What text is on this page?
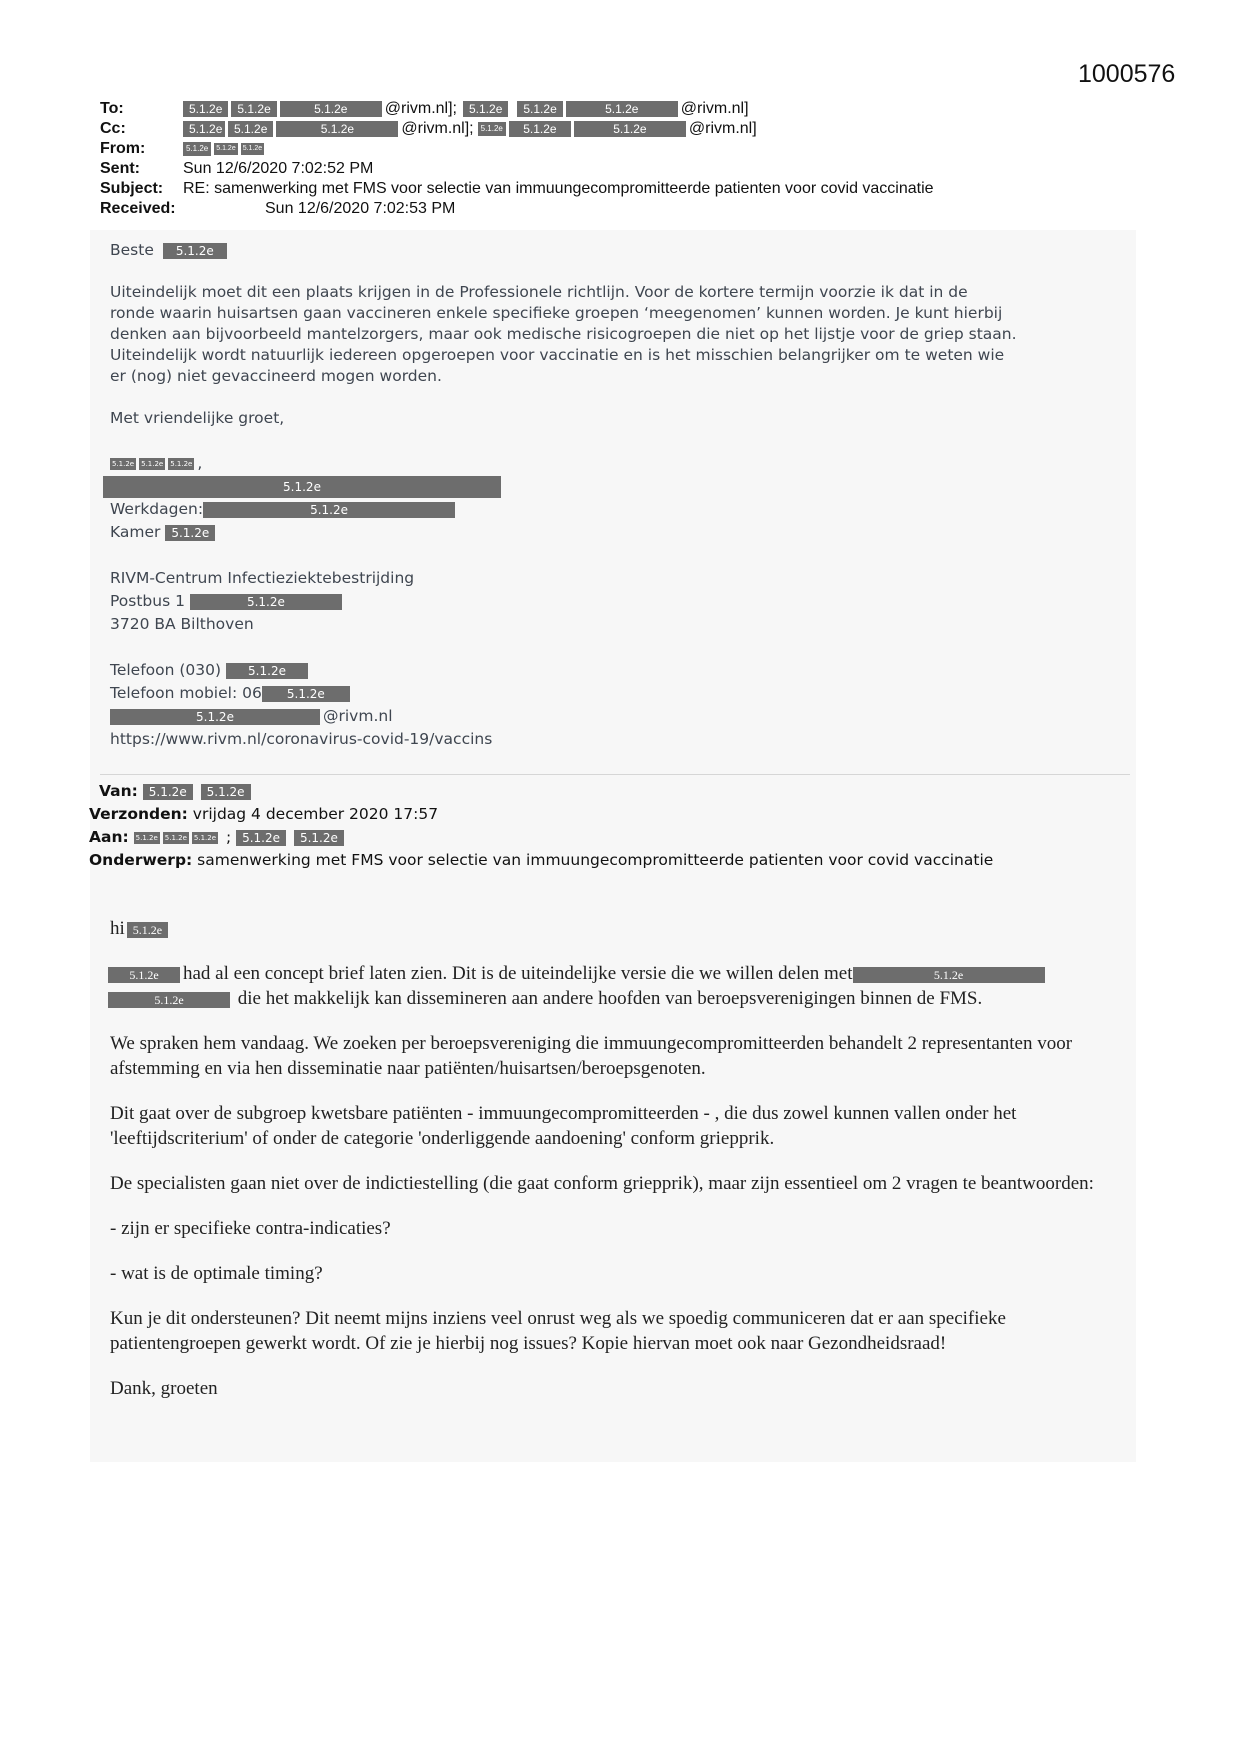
1000576
To:	5.1.2e	5.1.2e	5.1.2e	@rivm.nl];	5.1.2e	5.1.2e	5.1.2e	@rivm.nl]
Cc:	5.1.2e 5.1.2e	5.1.2e	@rivm.nl]; 5.1.2e	5.1.2e	5.1.2e	@rivm.nl]
From:	5.1.2e	5.1.2e 5.1.2e
Sent:	Sun 12/6/2020 7:02:52 PM
Subject:	RE: samenwerking met FMS voor selectie van immuungecompromitteerde patienten voor covid vaccinatie
Received:	Sun 12/6/2020 7:02:53 PM

Beste 5.1.2e

Uiteindelijk moet dit een plaats krijgen in de Professionele richtlijn. Voor de kortere termijn voorzie ik dat in de

ronde waarin huisartsen gaan vaccineren enkele specifieke groepen ‘meegenomen’ kunnen worden. Je kunt hierbij

denken aan bijvoorbeeld mantelzorgers, maar ook medische risicogroepen die niet op het lijstje voor de griep staan.

Uiteindelijk wordt natuurlijk iedereen opgeroepen voor vaccinatie en is het misschien belangrijker om te weten wie

er (nog) niet gevaccineerd mogen worden.

Met vriendelijke groet,

5.1.2e 5.1.2e 5.1.2e ,
5.1.2e
Werkdagen:	5.1.2e
Kamer 5.1.2e
RIVM-Centrum Infectieziektebestrijding
Postbus 1	5.1.2e
3720 BA Bilthoven
Telefoon (030) 5.1.2e
Telefoon mobiel: 06 5.1.2e
5.1.2e	@rivm.nl
https://www.rivm.nl/coronavirus-covid-19/vaccins
Van: 5.1.2e 5.1.2e
Verzonden: vrijdag 4 december 2020 17:57
Aan: 5.1.2e 5.1.2e 5.1.2e ; 5.1.2e 5.1.2e
Onderwerp: samenwerking met FMS voor selectie van immuungecompromitteerde patienten voor covid vaccinatie

hi 5.1.2e

5.1.2e had al een concept brief laten zien. Dit is de uiteindelijke versie die we willen delen met	5.1.2e

5.1.2e	die het makkelijk kan dissemineren aan andere hoofden van beroepsverenigingen binnen de FMS.

We spraken hem vandaag. We zoeken per beroepsvereniging die immuungecompromitteerden behandelt 2 representanten voor afstemming en via hen disseminatie naar patiënten/huisartsen/beroepsgenoten.

Dit gaat over de subgroep kwetsbare patiënten - immuungecompromitteerden - , die dus zowel kunnen vallen onder het 'leeftijdscriterium' of onder de categorie 'onderliggende aandoening' conform griepprik.

De specialisten gaan niet over de indictiestelling (die gaat conform griepprik), maar zijn essentieel om 2 vragen te beantwoorden:

- zijn er specifieke contra-indicaties?

- wat is de optimale timing?

Kun je dit ondersteunen? Dit neemt mijns inziens veel onrust weg als we spoedig communiceren dat er aan specifieke patientengroepen gewerkt wordt. Of zie je hierbij nog issues? Kopie hiervan moet ook naar Gezondheidsraad!

Dank, groeten
